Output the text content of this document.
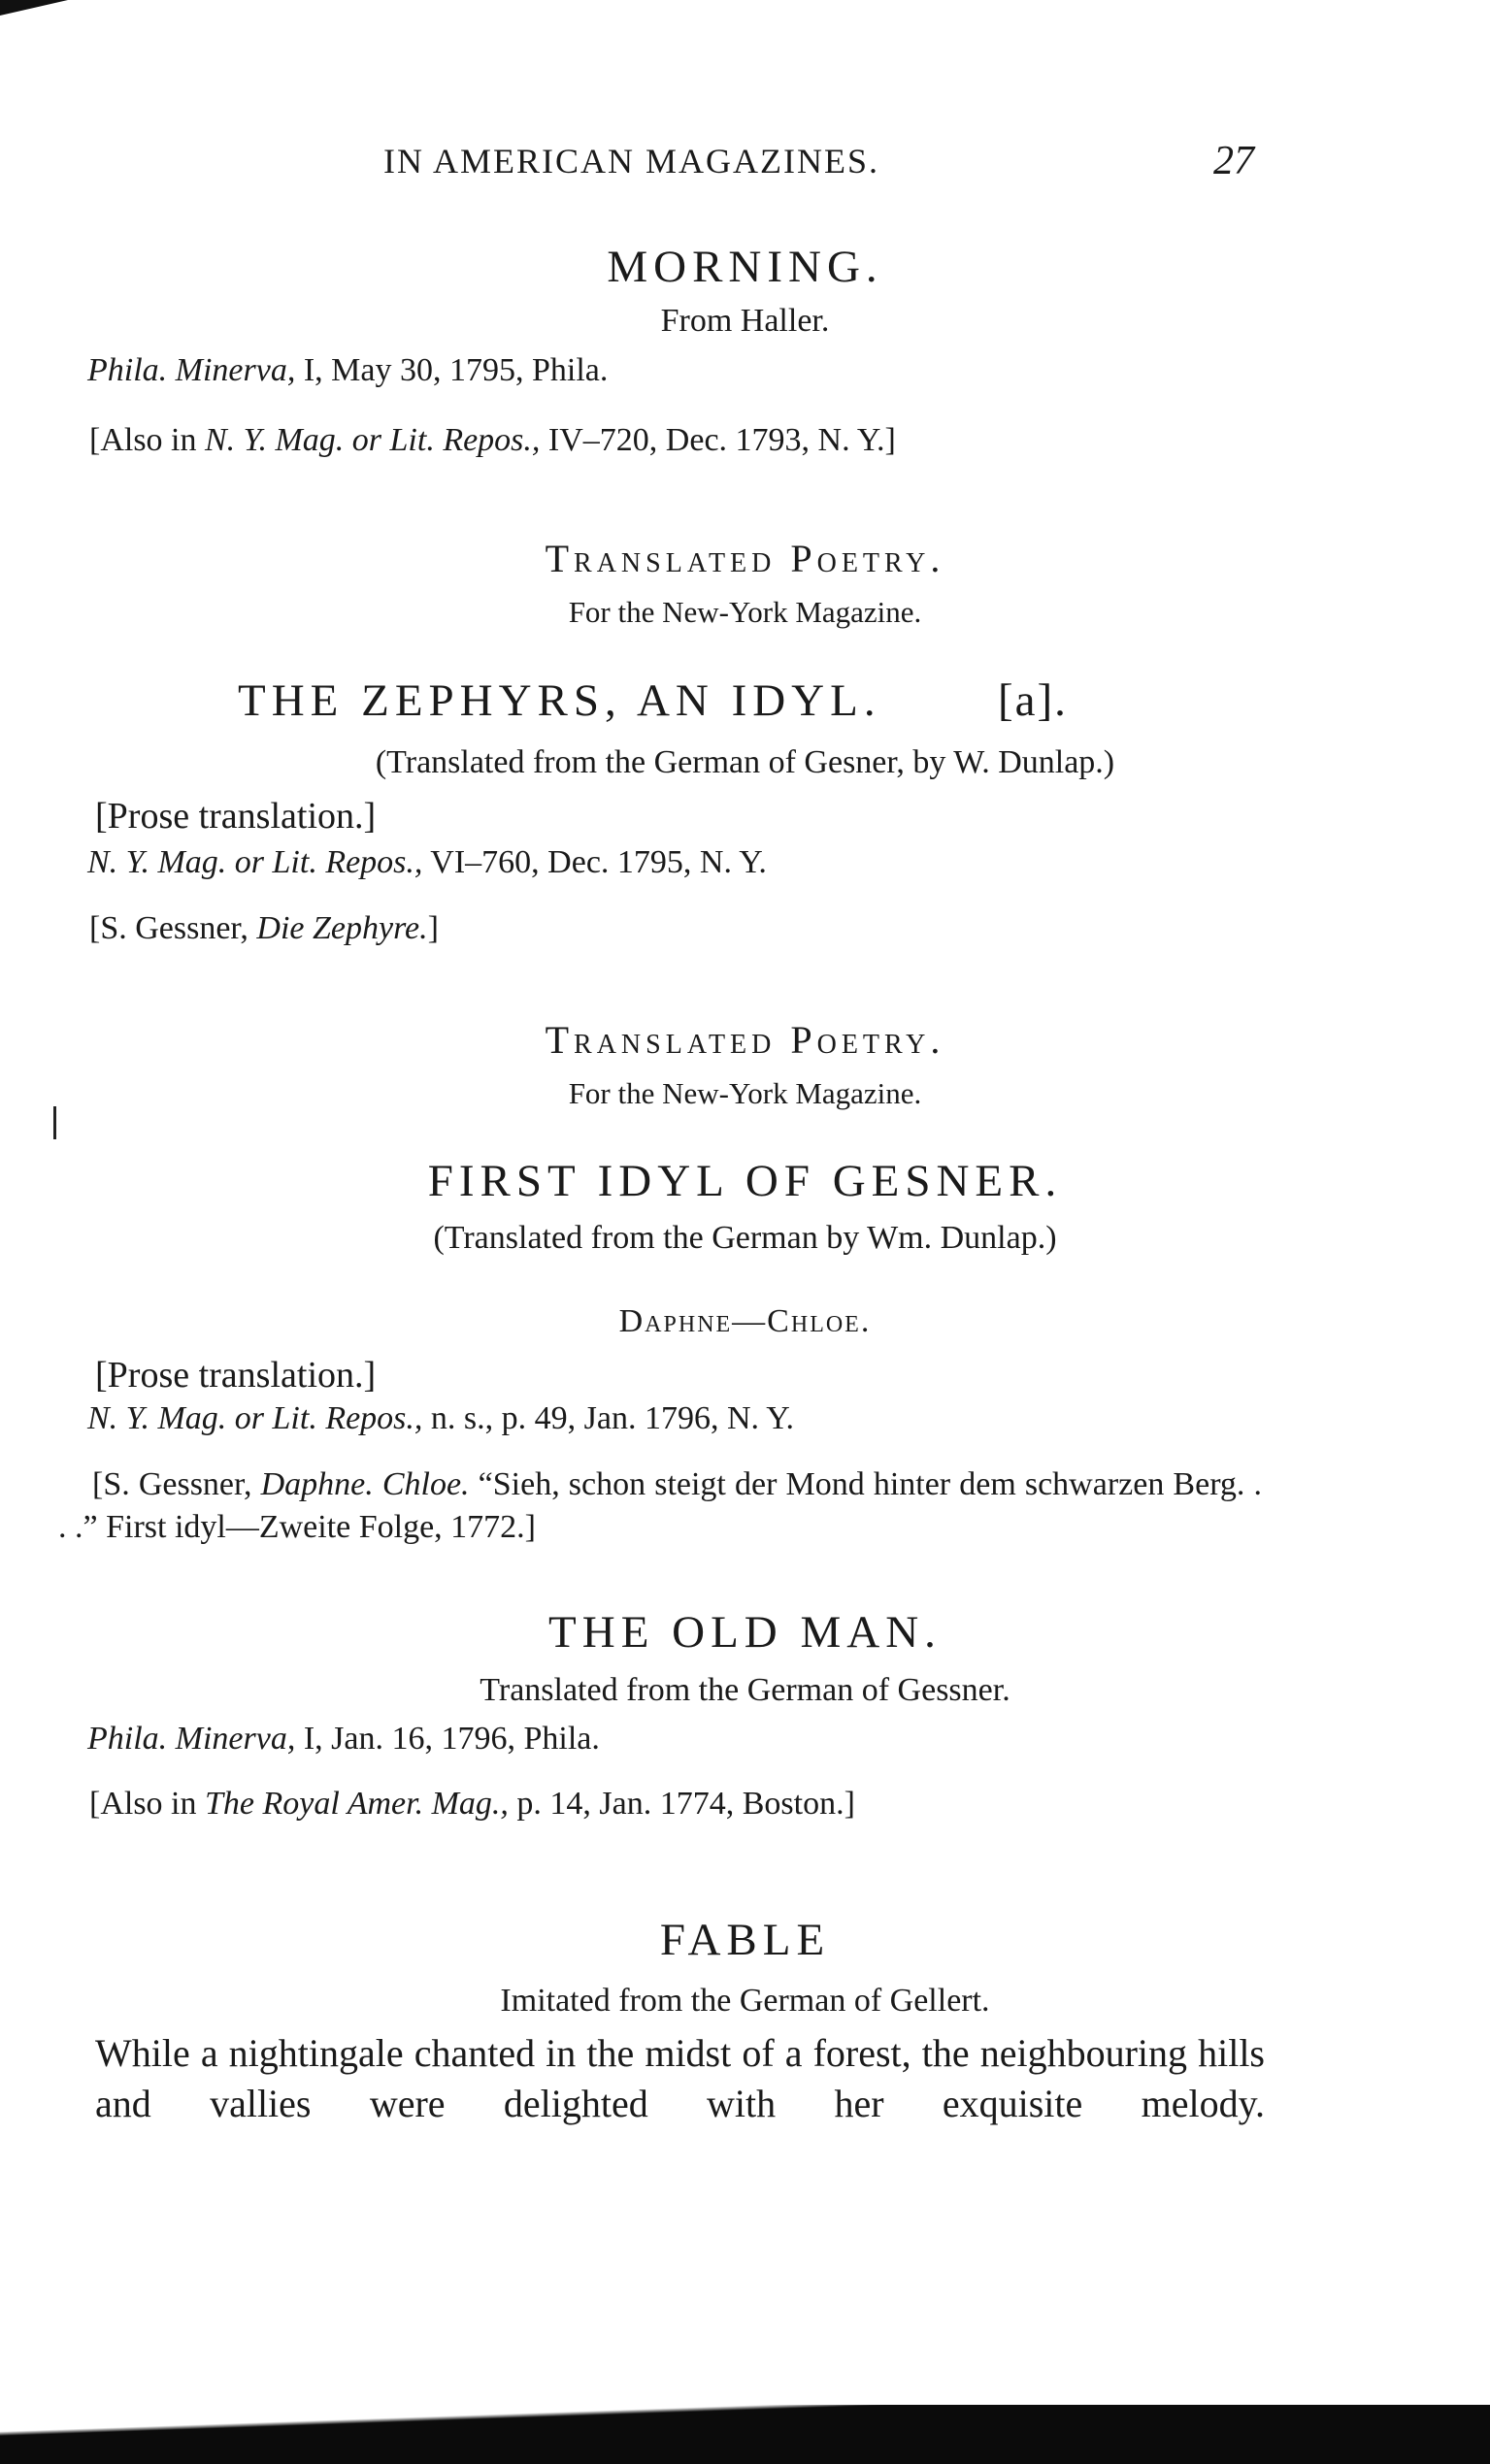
IN AMERICAN MAGAZINES.	27
MORNING.
From Haller.
Phila. Minerva, I, May 30, 1795, Phila.
[Also in N. Y. Mag. or Lit. Repos., IV–720, Dec. 1793, N. Y.]
Translated Poetry.
For the New-York Magazine.
THE ZEPHYRS, AN IDYL.	[a].
(Translated from the German of Gesner, by W. Dunlap.)
[Prose translation.]
N. Y. Mag. or Lit. Repos., VI–760, Dec. 1795, N. Y.
[S. Gessner, Die Zephyre.]
Translated Poetry.
For the New-York Magazine.
FIRST IDYL OF GESNER.
(Translated from the German by Wm. Dunlap.)
Daphne—Chloe.
[Prose translation.]
N. Y. Mag. or Lit. Repos., n. s., p. 49, Jan. 1796, N. Y.
[S. Gessner, Daphne. Chloe. “Sieh, schon steigt der Mond hinter dem schwarzen Berg. . . .” First idyl—Zweite Folge, 1772.]
THE OLD MAN.
Translated from the German of Gessner.
Phila. Minerva, I, Jan. 16, 1796, Phila.
[Also in The Royal Amer. Mag., p. 14, Jan. 1774, Boston.]
FABLE
Imitated from the German of Gellert.
While a nightingale chanted in the midst of a forest, the neighbouring hills and vallies were delighted with her exquisite melody.
